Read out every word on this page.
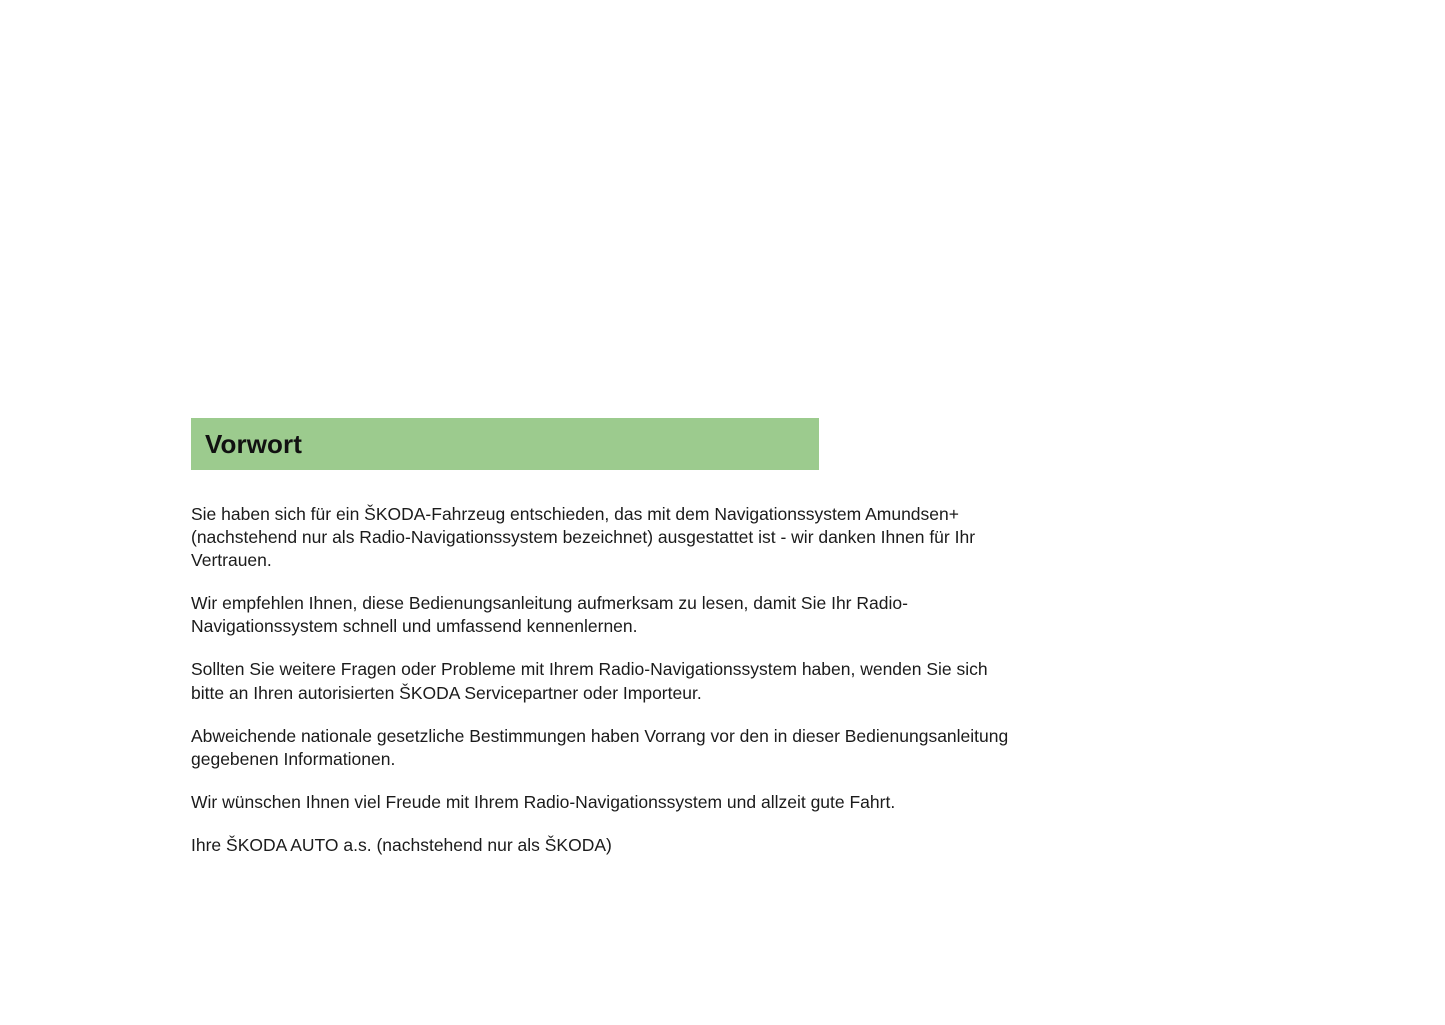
Vorwort

Sie haben sich für ein ŠKODA-Fahrzeug entschieden, das mit dem Navigationssystem Amundsen+ (nachstehend nur als Radio-Navigationssystem bezeichnet) ausgestattet ist - wir danken Ihnen für Ihr Vertrauen.

Wir empfehlen Ihnen, diese Bedienungsanleitung aufmerksam zu lesen, damit Sie Ihr Radio-Navigationssystem schnell und umfassend kennenlernen.

Sollten Sie weitere Fragen oder Probleme mit Ihrem Radio-Navigationssystem haben, wenden Sie sich bitte an Ihren autorisierten ŠKODA Servicepartner oder Importeur.

Abweichende nationale gesetzliche Bestimmungen haben Vorrang vor den in dieser Bedienungsanleitung gegebenen Informationen.

Wir wünschen Ihnen viel Freude mit Ihrem Radio-Navigationssystem und allzeit gute Fahrt.

Ihre ŠKODA AUTO a.s. (nachstehend nur als ŠKODA)
